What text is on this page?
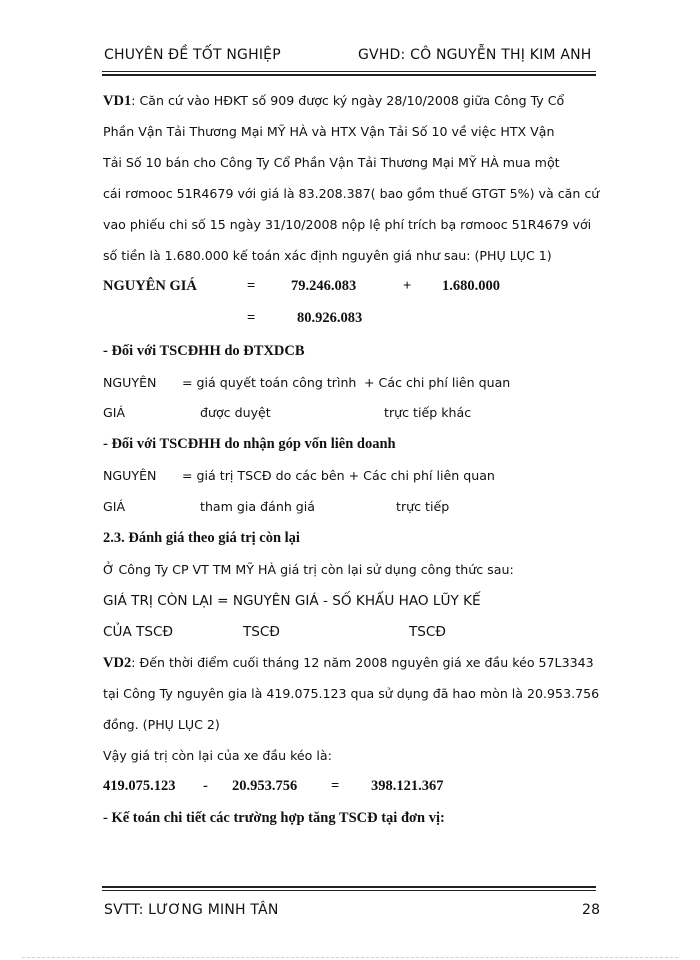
CHUYÊN ĐỀ TỐT NGHIỆP	GVHD: CÔ NGUYỄN THỊ KIM ANH
VD1: Căn cứ vào HĐKT số 909 được ký ngày 28/10/2008 giữa Công Ty Cổ
Phần Vận Tải Thương Mại MỸ HÀ và HTX Vận Tải Số 10 về việc HTX Vận
Tải Số 10 bán cho Công Ty Cổ Phần Vận Tải Thương Mại MỸ HÀ mua một
cái rơmooc 51R4679 với giá là 83.208.387( bao gồm thuế GTGT 5%) và căn cứ
vao phiếu chi số 15 ngày 31/10/2008 nộp lệ phí trích bạ rơmooc 51R4679 với
số tiền là 1.680.000 kế toán xác định nguyên giá như sau: (PHỤ LỤC 1)
NGUYÊN GIÁ	= 79.246.083	+ 1.680.000
=	80.926.083
- Đối với TSCĐHH do ĐTXDCB
NGUYÊN = giá quyết toán công trình + Các chi phí liên quan
GIÁ	được duyệt	trực tiếp khác
- Đối với TSCĐHH do nhận góp vốn liên doanh
NGUYÊN = giá trị TSCĐ do các bên + Các chi phí liên quan
GIÁ	tham gia đánh giá	trực tiếp
2.3. Đánh giá theo giá trị còn lại
Ở Công Ty CP VT TM MỸ HÀ giá trị còn lại sử dụng công thức sau:
GIÁ TRỊ CÒN LẠI = NGUYÊN GIÁ - SỐ KHẤU HAO LŨY KẾ
CỦA TSCĐ	TSCĐ	TSCĐ
VD2: Đến thời điểm cuối tháng 12 năm 2008 nguyên giá xe đầu kéo 57L3343
tại Công Ty nguyên gia là 419.075.123 qua sử dụng đã hao mòn là 20.953.756
đồng. (PHỤ LỤC 2)
Vậy giá trị còn lại của xe đầu kéo là:
419.075.123 - 20.953.756 = 398.121.367
- Kế toán chi tiết các trường hợp tăng TSCĐ tại đơn vị:
SVTT: LƯƠNG MINH TÂN	28
